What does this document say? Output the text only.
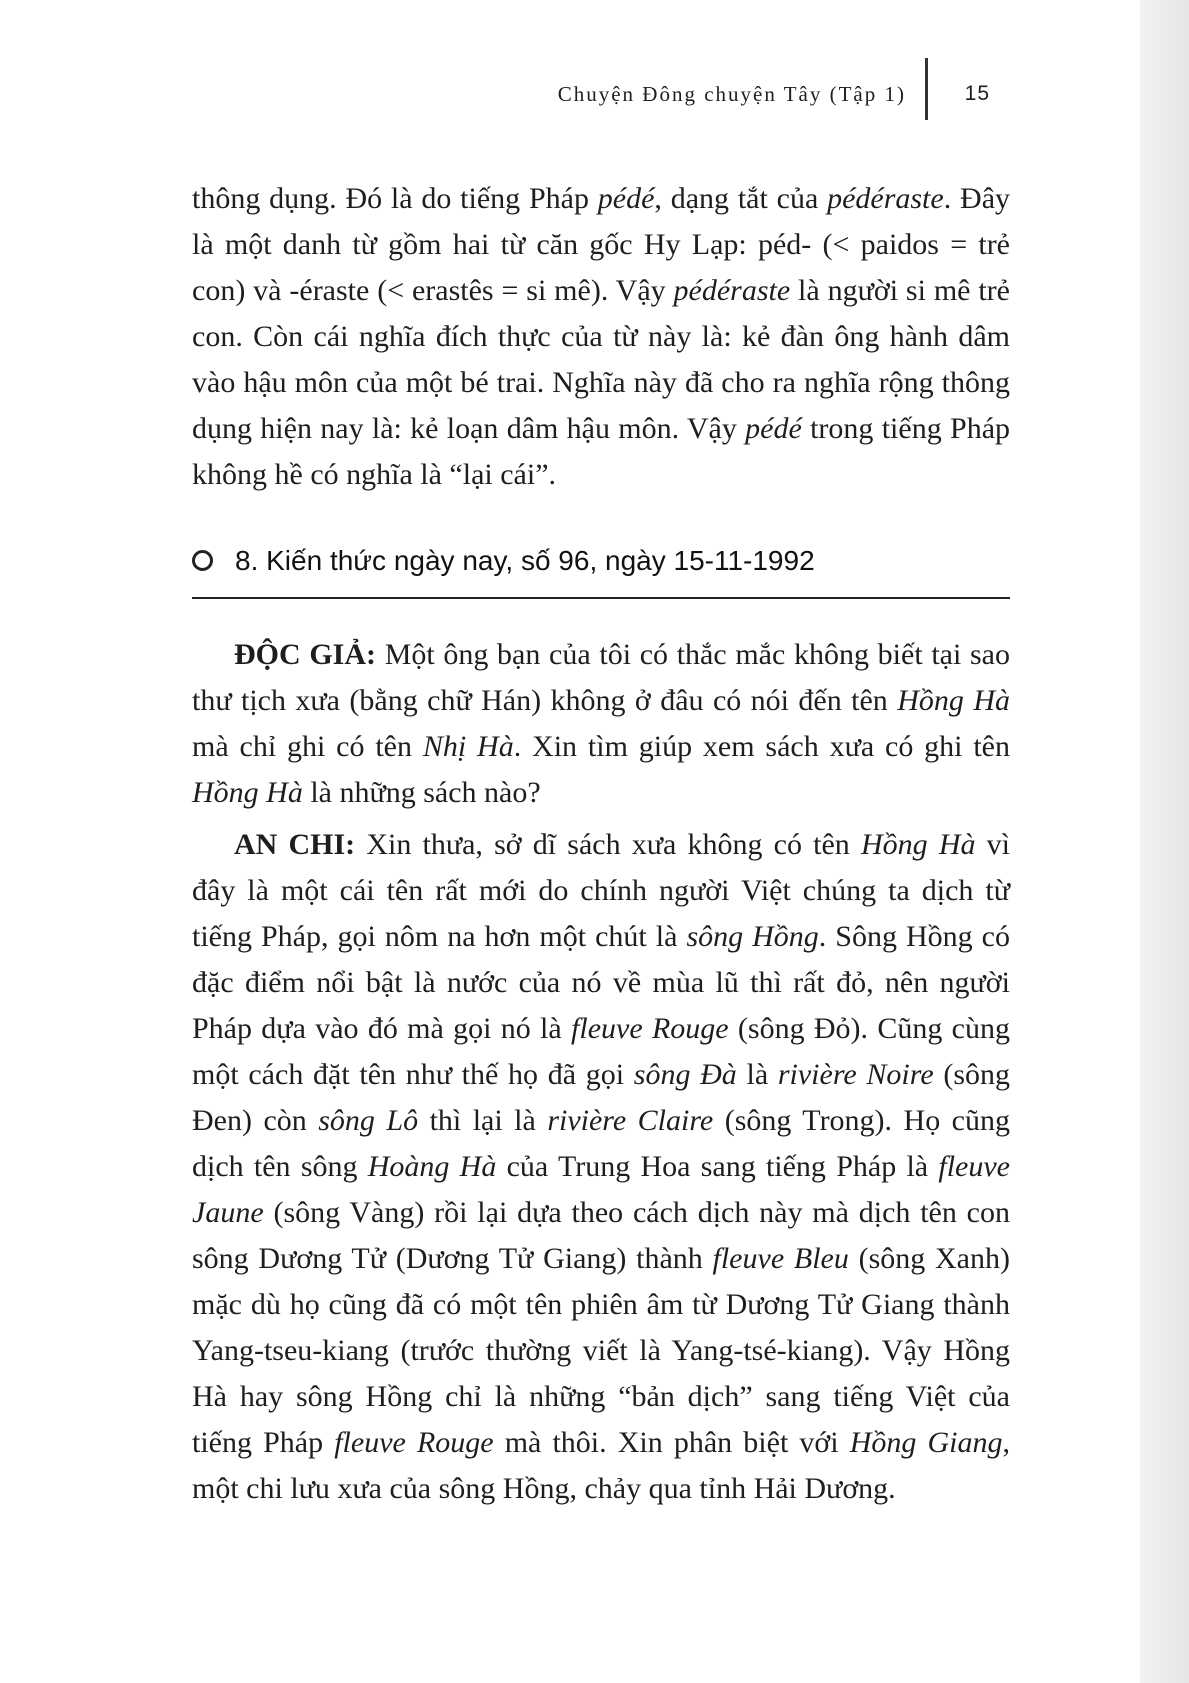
Chuyện Đông chuyện Tây (Tập 1)	15

thông dụng. Đó là do tiếng Pháp pédé, dạng tắt của pédéraste. Đây là một danh từ gồm hai từ căn gốc Hy Lạp: péd- (< paidos = trẻ con) và -éraste (< erastês = si mê). Vậy pédéraste là người si mê trẻ con. Còn cái nghĩa đích thực của từ này là: kẻ đàn ông hành dâm vào hậu môn của một bé trai. Nghĩa này đã cho ra nghĩa rộng thông dụng hiện nay là: kẻ loạn dâm hậu môn. Vậy pédé trong tiếng Pháp không hề có nghĩa là “lại cái”.

8. Kiến thức ngày nay, số 96, ngày 15-11-1992

ĐỘC GIẢ: Một ông bạn của tôi có thắc mắc không biết tại sao thư tịch xưa (bằng chữ Hán) không ở đâu có nói đến tên Hồng Hà mà chỉ ghi có tên Nhị Hà. Xin tìm giúp xem sách xưa có ghi tên Hồng Hà là những sách nào?

AN CHI: Xin thưa, sở dĩ sách xưa không có tên Hồng Hà vì đây là một cái tên rất mới do chính người Việt chúng ta dịch từ tiếng Pháp, gọi nôm na hơn một chút là sông Hồng. Sông Hồng có đặc điểm nổi bật là nước của nó về mùa lũ thì rất đỏ, nên người Pháp dựa vào đó mà gọi nó là fleuve Rouge (sông Đỏ). Cũng cùng một cách đặt tên như thế họ đã gọi sông Đà là rivière Noire (sông Đen) còn sông Lô thì lại là rivière Claire (sông Trong). Họ cũng dịch tên sông Hoàng Hà của Trung Hoa sang tiếng Pháp là fleuve Jaune (sông Vàng) rồi lại dựa theo cách dịch này mà dịch tên con sông Dương Tử (Dương Tử Giang) thành fleuve Bleu (sông Xanh) mặc dù họ cũng đã có một tên phiên âm từ Dương Tử Giang thành Yang-tseu-kiang (trước thường viết là Yang-tsé-kiang). Vậy Hồng Hà hay sông Hồng chỉ là những “bản dịch” sang tiếng Việt của tiếng Pháp fleuve Rouge mà thôi. Xin phân biệt với Hồng Giang, một chi lưu xưa của sông Hồng, chảy qua tỉnh Hải Dương.
